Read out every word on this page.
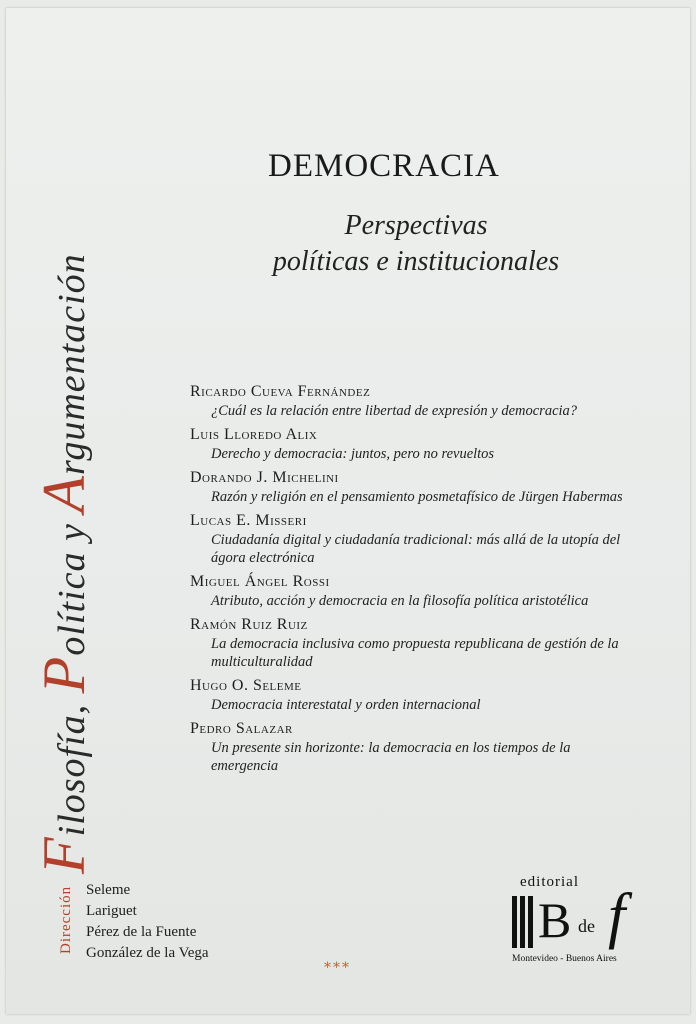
Filosofía, Política y Argumentación
DEMOCRACIA
Perspectivas
políticas e institucionales
Ricardo Cueva Fernández
¿Cuál es la relación entre libertad de expresión y democracia?
Luis Lloredo Alix
Derecho y democracia: juntos, pero no revueltos
Dorando J. Michelini
Razón y religión en el pensamiento posmetafísico de Jürgen Habermas
Lucas E. Misseri
Ciudadanía digital y ciudadanía tradicional: más allá de la utopía del ágora electrónica
Miguel Ángel Rossi
Atributo, acción y democracia en la filosofía política aristotélica
Ramón Ruiz Ruiz
La democracia inclusiva como propuesta republicana de gestión de la multiculturalidad
Hugo O. Seleme
Democracia interestatal y orden internacional
Pedro Salazar
Un presente sin horizonte: la democracia en los tiempos de la emergencia
Dirección Seleme
Lariguet
Pérez de la Fuente
González de la Vega
***
editorial
B de f
Montevideo - Buenos Aires
